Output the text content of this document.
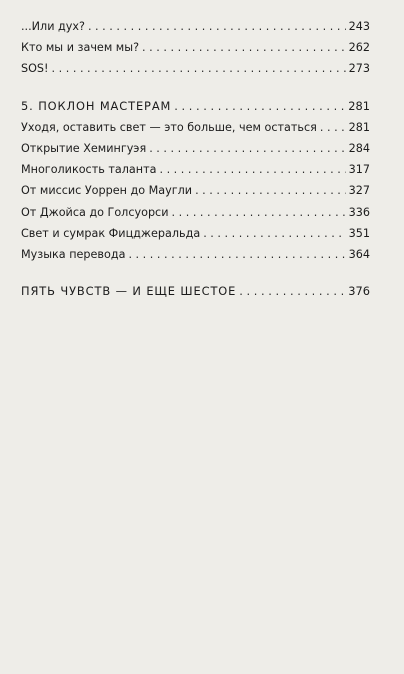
...Или дух? . . .	243
Кто мы и зачем мы? . . .	262
SOS! . . .	273
5. ПОКЛОН МАСТЕРАМ . . .	281
Уходя, оставить свет — это больше, чем остаться . . .	281
Открытие Хемингуэя . . .	284
Многоликость таланта . . .	317
От миссис Уоррен до Маугли . . .	327
От Джойса до Голсуорси . . .	336
Свет и сумрак Фицджеральда . . .	351
Музыка перевода . . .	364
ПЯТЬ ЧУВСТВ — И ЕЩЕ ШЕСТОЕ . . .	376
